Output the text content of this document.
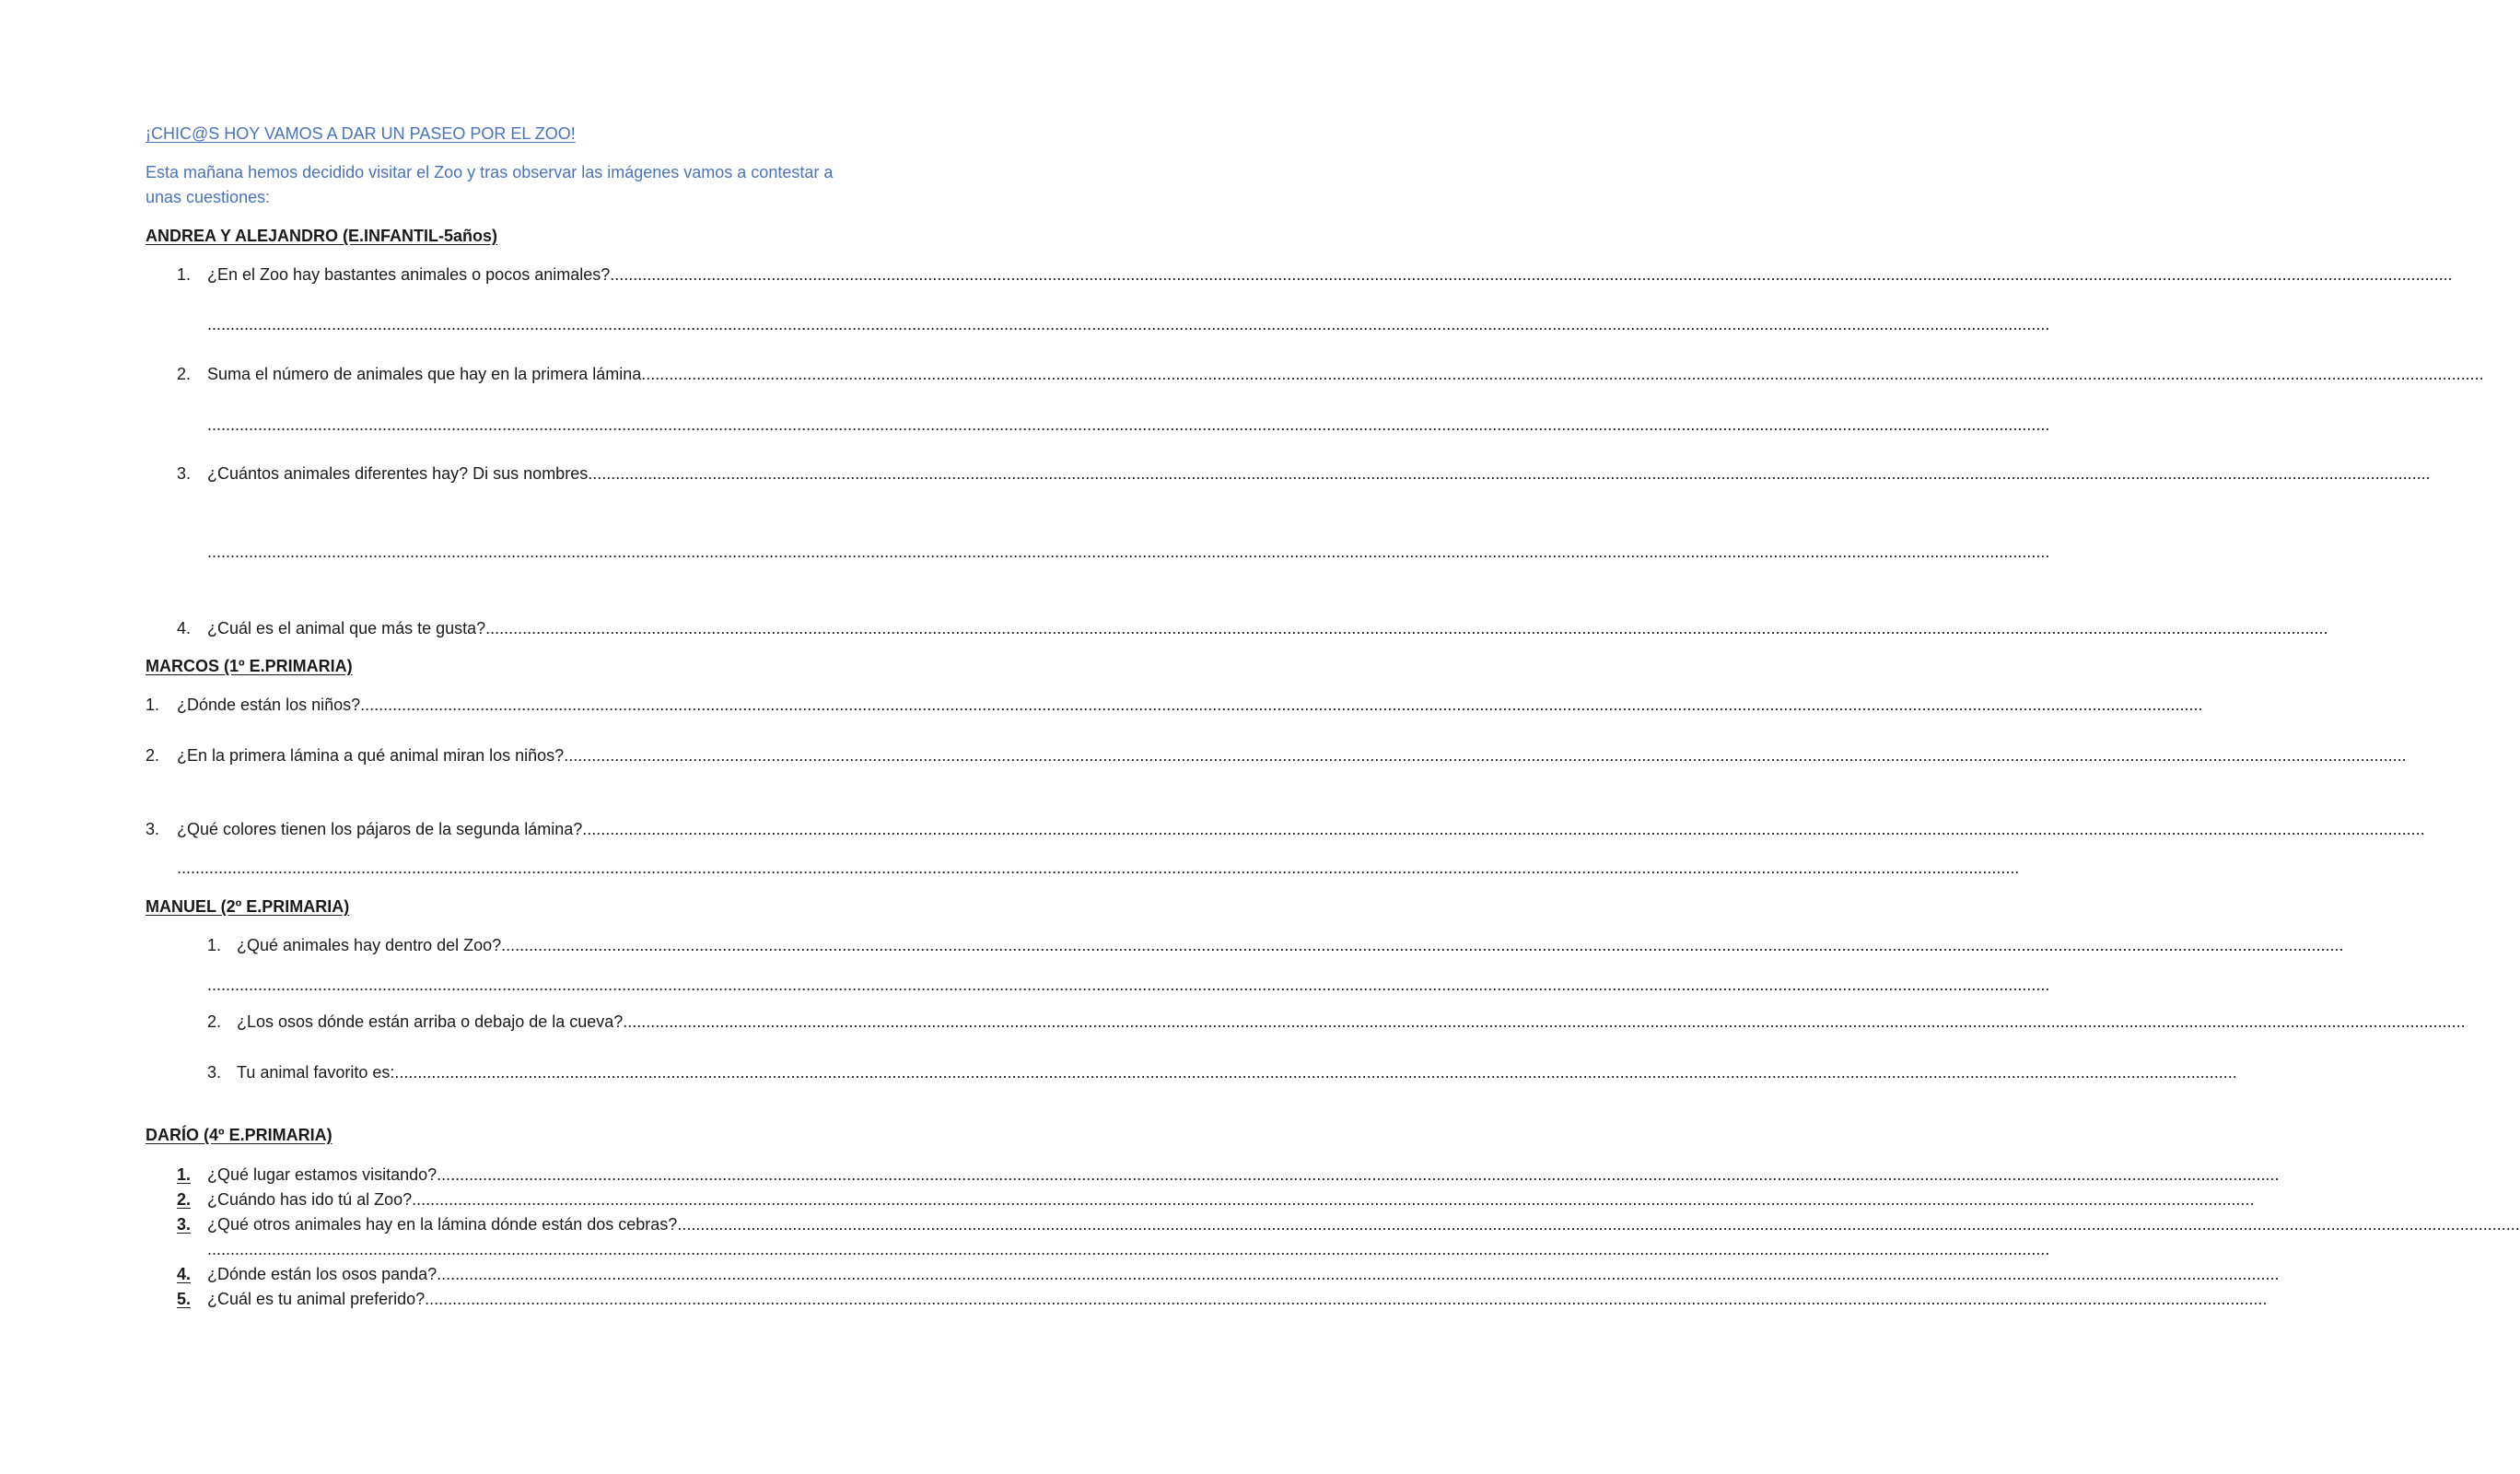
¡CHIC@S HOY VAMOS A DAR UN PASEO POR EL ZOO!
Esta mañana hemos decidido visitar el Zoo y tras observar las imágenes vamos a contestar a
unas cuestiones:
ANDREA Y ALEJANDRO (E.INFANTIL-5años)
1. ¿En el Zoo hay bastantes animales o pocos animales?................................................................................................................................................................................................................................................................................................................................................................................................................
................................................................................................................................................................................................................................................................................................................................................................................................................
2. Suma el número de animales que hay en la primera lámina................................................................................................................................................................................................................................................................................................................................................................................................................
................................................................................................................................................................................................................................................................................................................................................................................................................
3. ¿Cuántos animales diferentes hay? Di sus nombres................................................................................................................................................................................................................................................................................................................................................................................................................
................................................................................................................................................................................................................................................................................................................................................................................................................
4. ¿Cuál es el animal que más te gusta?................................................................................................................................................................................................................................................................................................................................................................................................................
MARCOS (1º E.PRIMARIA)
1. ¿Dónde están los niños?................................................................................................................................................................................................................................................................................................................................................................................................................
2. ¿En la primera lámina a qué animal miran los niños?................................................................................................................................................................................................................................................................................................................................................................................................................
3. ¿Qué colores tienen los pájaros de la segunda lámina?................................................................................................................................................................................................................................................................................................................................................................................................................
................................................................................................................................................................................................................................................................................................................................................................................................................
MANUEL (2º E.PRIMARIA)
1. ¿Qué animales hay dentro del Zoo?................................................................................................................................................................................................................................................................................................................................................................................................................
................................................................................................................................................................................................................................................................................................................................................................................................................
2. ¿Los osos dónde están arriba o debajo de la cueva?................................................................................................................................................................................................................................................................................................................................................................................................................
3. Tu animal favorito es:................................................................................................................................................................................................................................................................................................................................................................................................................
DARÍO (4º E.PRIMARIA)
1. ¿Qué lugar estamos visitando?................................................................................................................................................................................................................................................................................................................................................................................................................
2. ¿Cuándo has ido tú al Zoo?................................................................................................................................................................................................................................................................................................................................................................................................................
3. ¿Qué otros animales hay en la lámina dónde están dos cebras?................................................................................................................................................................................................................................................................................................................................................................................................................
................................................................................................................................................................................................................................................................................................................................................................................................................
4. ¿Dónde están los osos panda?................................................................................................................................................................................................................................................................................................................................................................................................................
5. ¿Cuál es tu animal preferido?................................................................................................................................................................................................................................................................................................................................................................................................................
